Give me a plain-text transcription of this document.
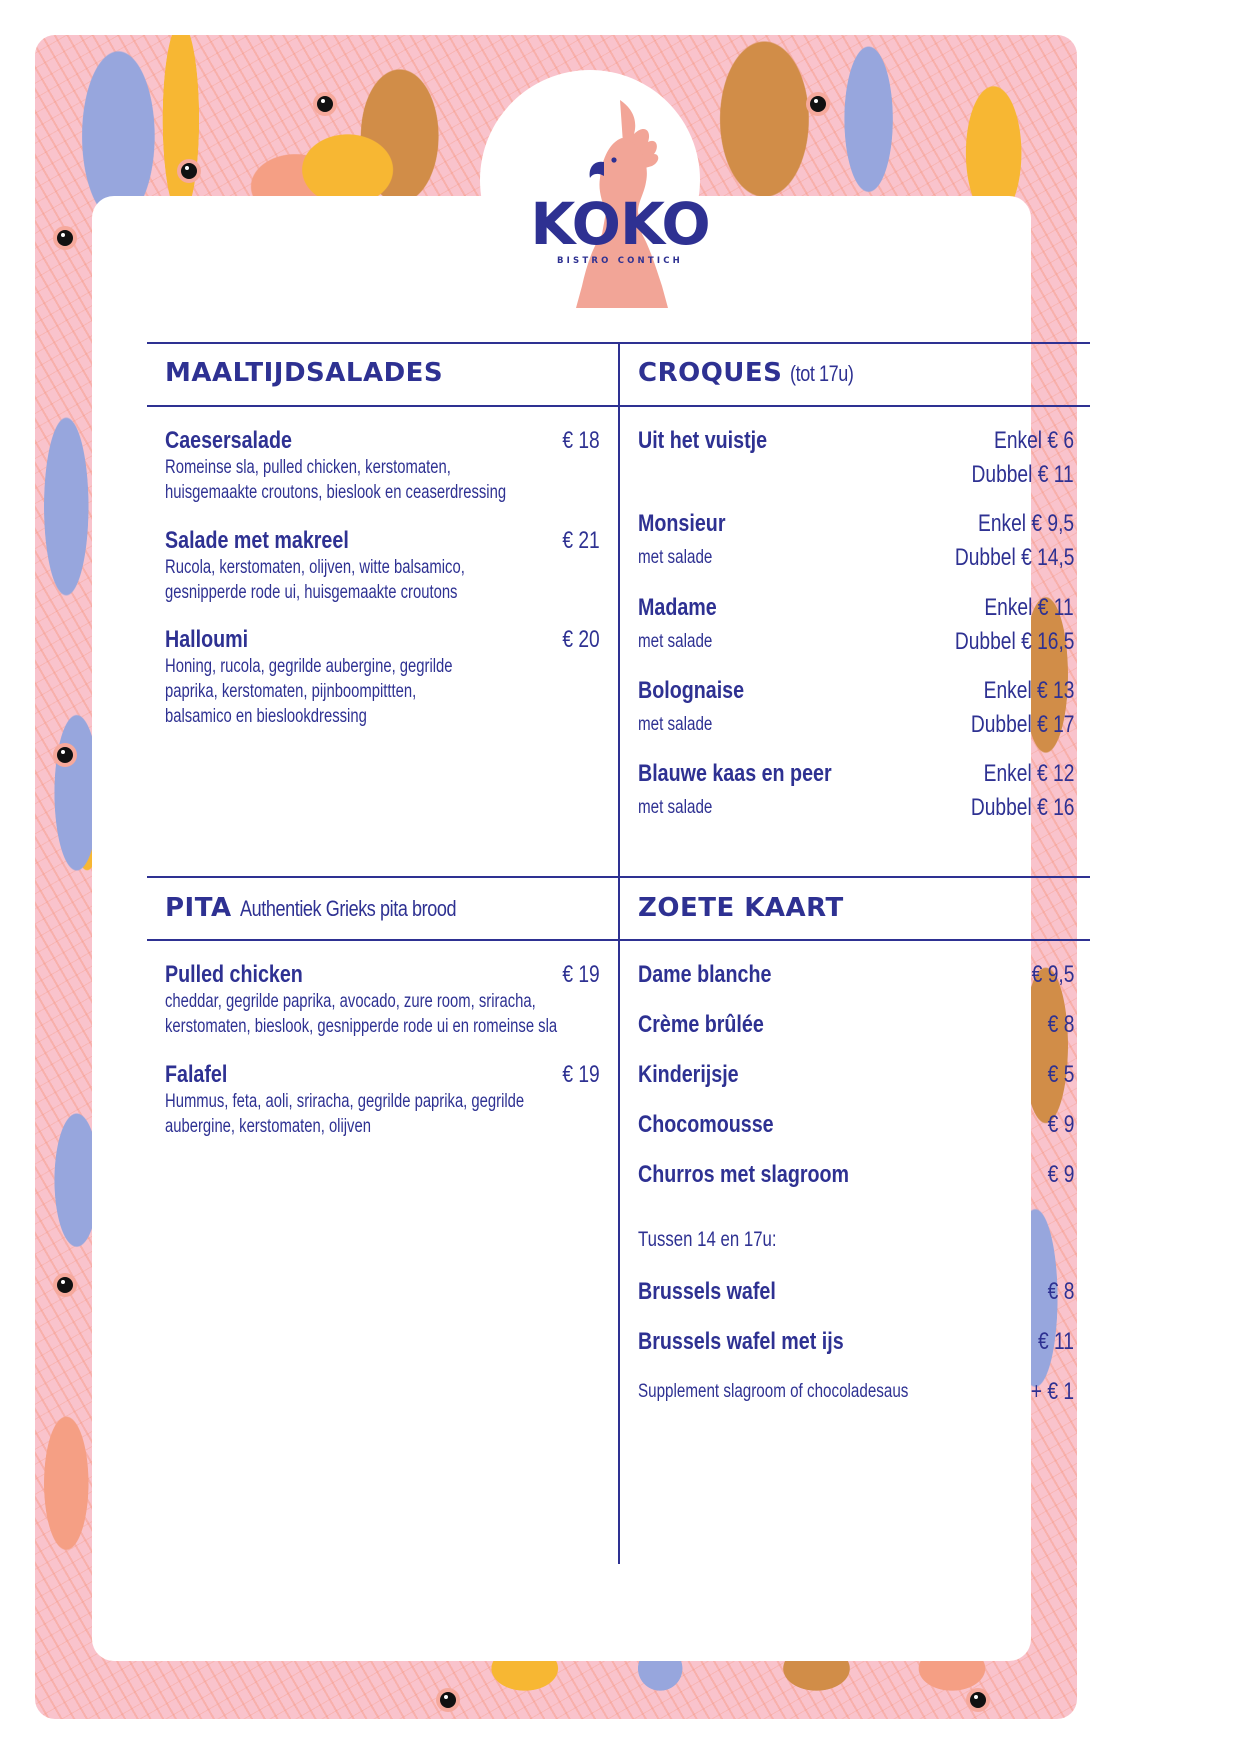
KOKO
BISTRO CONTICH
MAALTIJDSALADES
Caesersalade
Romeinse sla, pulled chicken, kerstomaten,
huisgemaakte croutons, bieslook en ceaserdressing
€ 18
Salade met makreel
Rucola, kerstomaten, olijven, witte balsamico,
gesnipperde rode ui, huisgemaakte croutons
€ 21
Halloumi
Honing, rucola, gegrilde aubergine, gegrilde
paprika, kerstomaten, pijnboompittten,
balsamico en bieslookdressing
€ 20
CROQUES (tot 17u)
Uit het vuistje	Enkel € 6
Dubbel € 11
Monsieur
met salade
Enkel € 9,5
Dubbel € 14,5
Madame
met salade
Enkel € 11
Dubbel € 16,5
Bolognaise
met salade
Enkel € 13
Dubbel € 17
Blauwe kaas en peer
met salade
Enkel € 12
Dubbel € 16
PITA Authentiek Grieks pita brood
Pulled chicken
cheddar, gegrilde paprika, avocado, zure room, sriracha,
kerstomaten, bieslook, gesnipperde rode ui en romeinse sla
€ 19
Falafel
Hummus, feta, aoli, sriracha, gegrilde paprika, gegrilde
aubergine, kerstomaten, olijven
€ 19
ZOETE KAART
Dame blanche	€ 9,5
Crème brûlée	€ 8
Kinderijsje	€ 5
Chocomousse	€ 9
Churros met slagroom	€ 9
Tussen 14 en 17u:
Brussels wafel	€ 8
Brussels wafel met ijs	€ 11
Supplement slagroom of chocoladesaus	+ € 1
